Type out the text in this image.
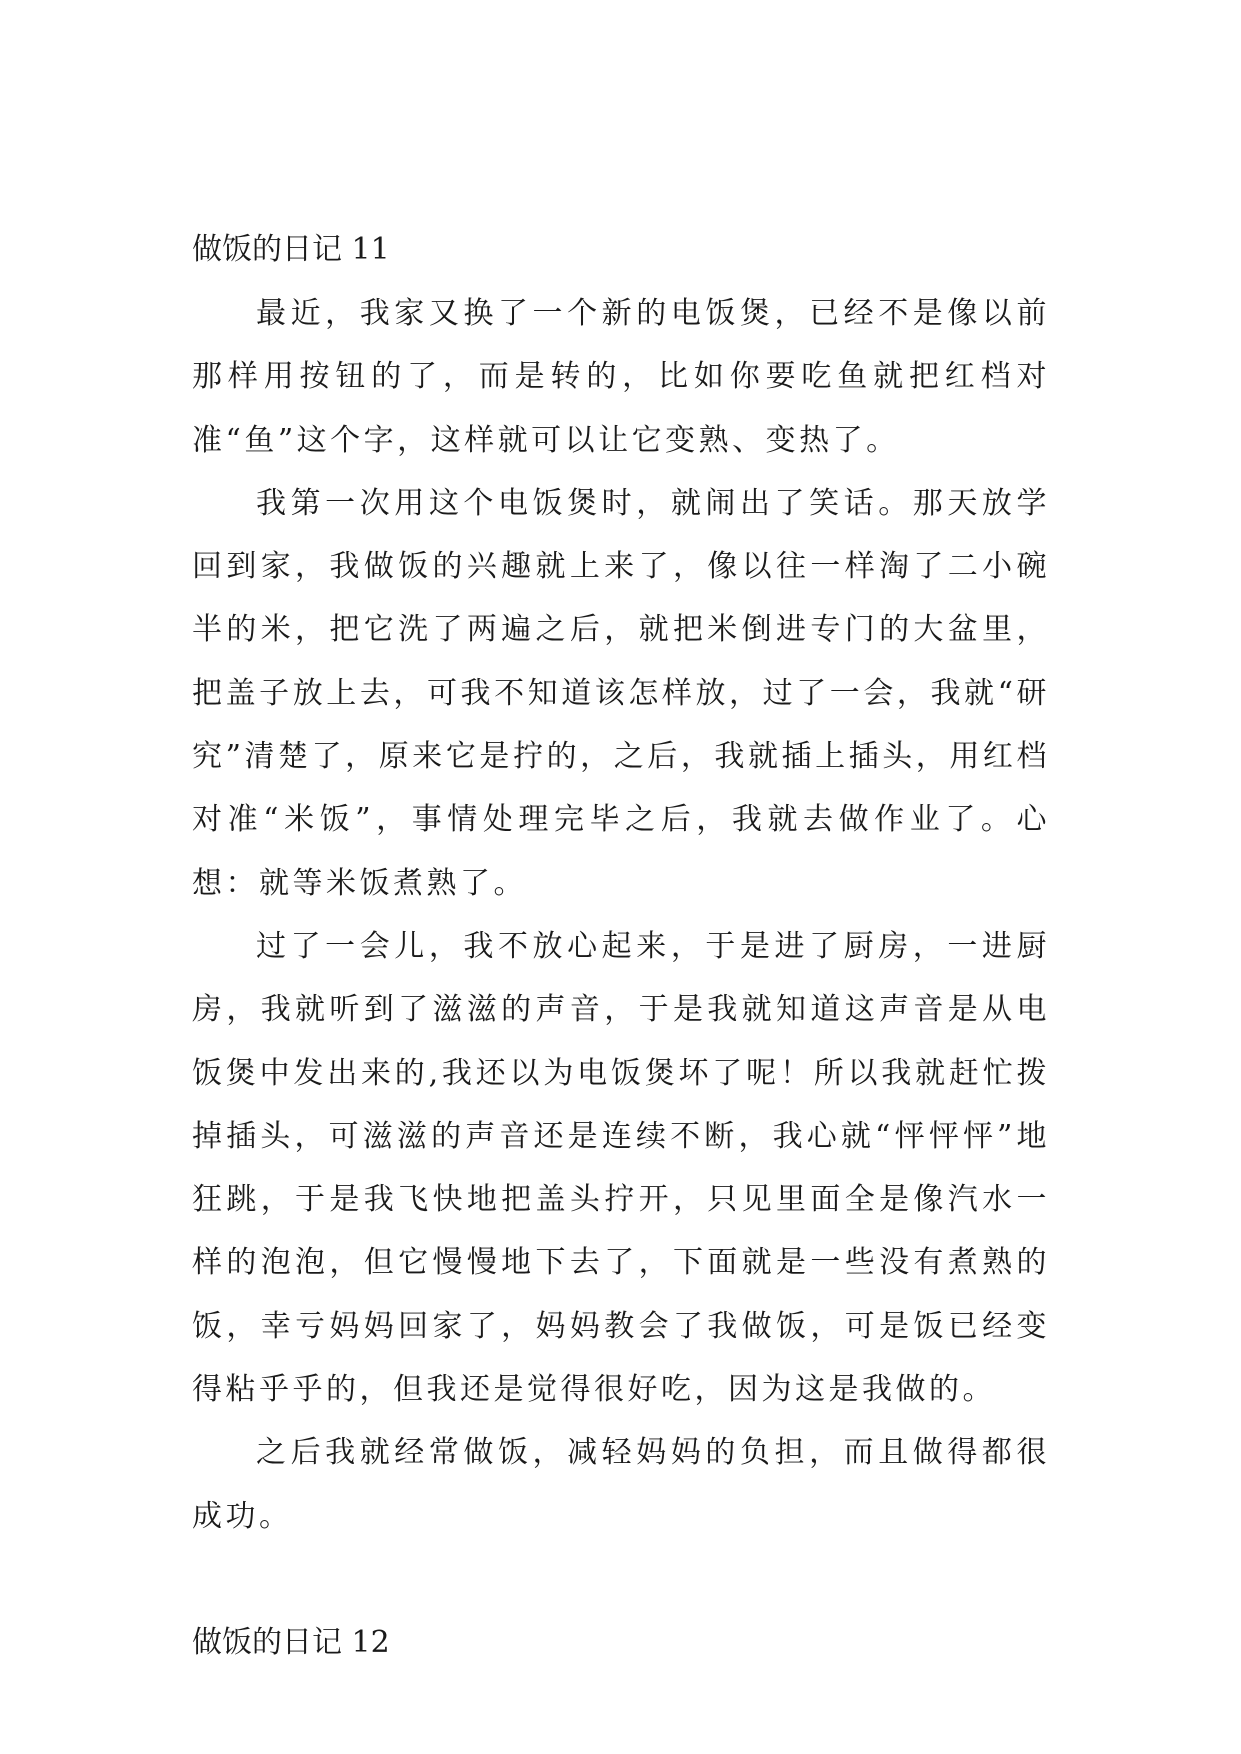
做饭的日记 11

最近，我家又换了一个新的电饭煲，已经不是像以前那样用按钮的了，而是转的，比如你要吃鱼就把红档对准“鱼”这个字，这样就可以让它变熟、变热了。

我第一次用这个电饭煲时，就闹出了笑话。那天放学回到家，我做饭的兴趣就上来了，像以往一样淘了二小碗半的米，把它洗了两遍之后，就把米倒进专门的大盆里，把盖子放上去，可我不知道该怎样放，过了一会，我就“研究”清楚了，原来它是拧的，之后，我就插上插头，用红档对准“米饭”，事情处理完毕之后，我就去做作业了。心想：就等米饭煮熟了。

过了一会儿，我不放心起来，于是进了厨房，一进厨房，我就听到了滋滋的声音，于是我就知道这声音是从电饭煲中发出来的,我还以为电饭煲坏了呢！所以我就赶忙拨掉插头，可滋滋的声音还是连续不断，我心就“怦怦怦”地狂跳，于是我飞快地把盖头拧开，只见里面全是像汽水一样的泡泡，但它慢慢地下去了，下面就是一些没有煮熟的饭，幸亏妈妈回家了，妈妈教会了我做饭，可是饭已经变得粘乎乎的，但我还是觉得很好吃，因为这是我做的。

之后我就经常做饭，减轻妈妈的负担，而且做得都很成功。

做饭的日记 12
